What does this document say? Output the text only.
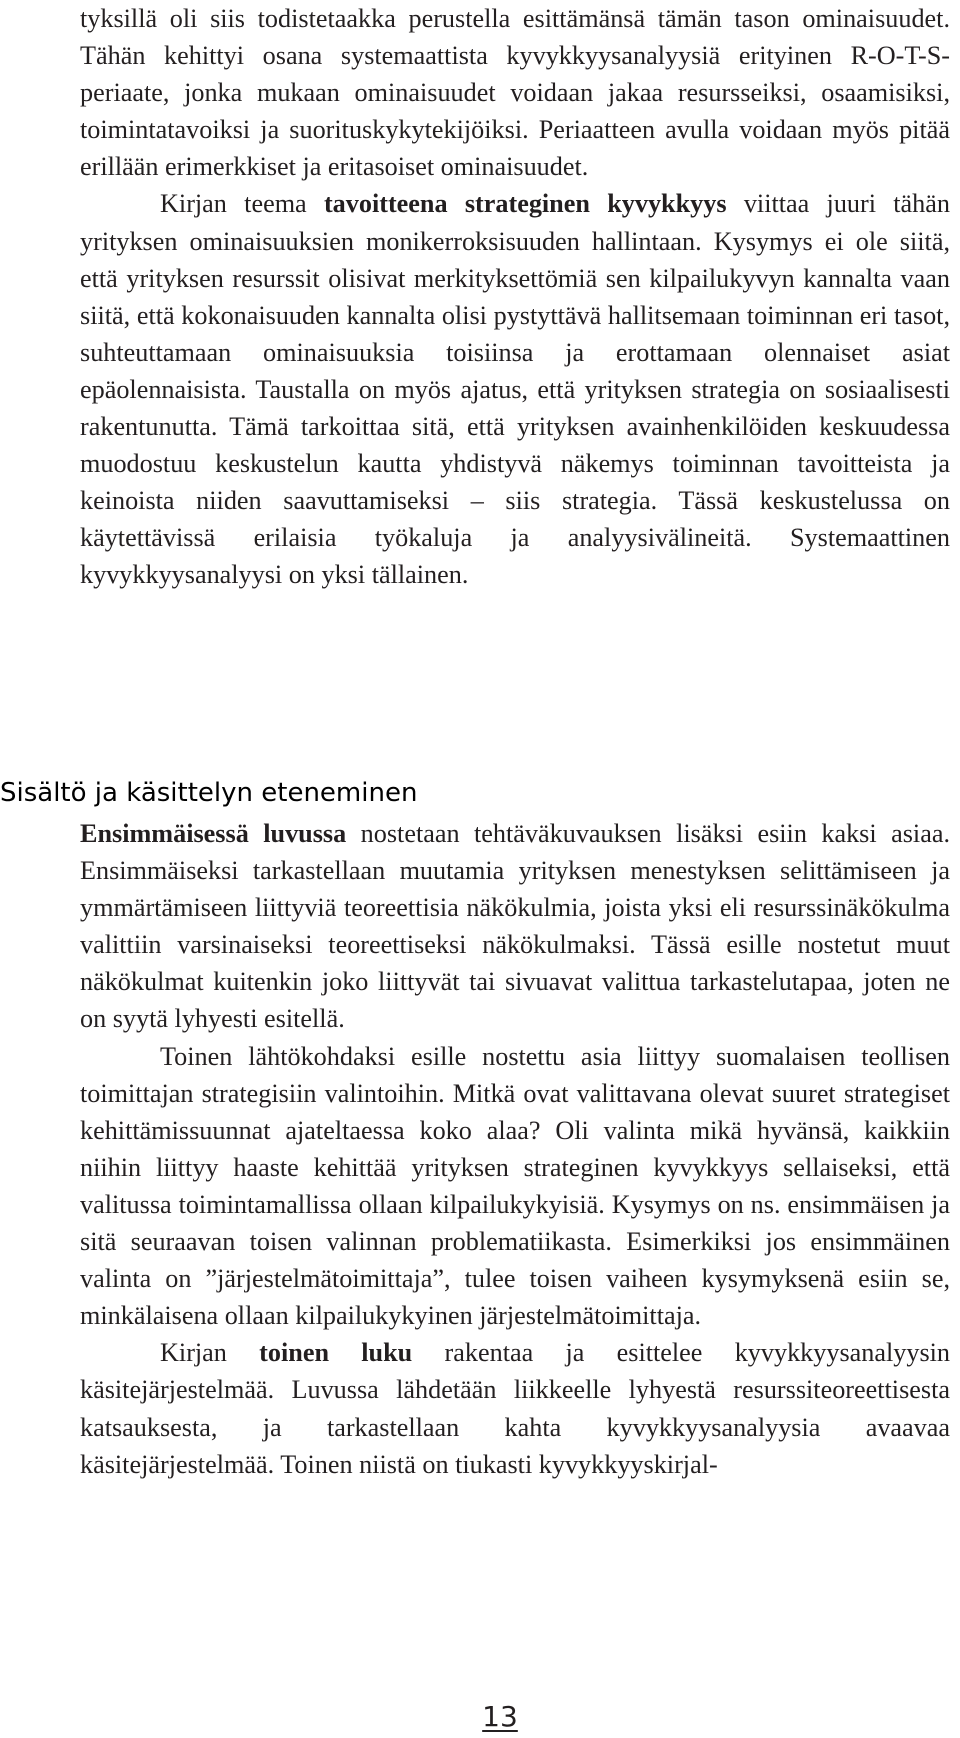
tyksillä oli siis todistetaakka perustella esittämänsä tämän tason ominaisuudet. Tähän kehittyi osana systemaattista kyvykkyysanalyysiä erityinen R-O-T-S-periaate, jonka mukaan ominaisuudet voidaan jakaa resursseiksi, osaamisiksi, toimintatavoiksi ja suorituskykytekijöiksi. Periaatteen avulla voidaan myös pitää erillään erimerkkiset ja eritasoiset ominaisuudet.

Kirjan teema tavoitteena strateginen kyvykkyys viittaa juuri tähän yrityksen ominaisuuksien monikerroksisuuden hallintaan. Kysymys ei ole siitä, että yrityksen resurssit olisivat merkityksettömiä sen kilpailukyvyn kannalta vaan siitä, että kokonaisuuden kannalta olisi pystyttävä hallitsemaan toiminnan eri tasot, suhteuttamaan ominaisuuksia toisiinsa ja erottamaan olennaiset asiat epäolennaisista. Taustalla on myös ajatus, että yrityksen strategia on sosiaalisesti rakentunutta. Tämä tarkoittaa sitä, että yrityksen avainhenkilöiden keskuudessa muodostuu keskustelun kautta yhdistyvä näkemys toiminnan tavoitteista ja keinoista niiden saavuttamiseksi – siis strategia. Tässä keskustelussa on käytettävissä erilaisia työkaluja ja analyysivälineitä. Systemaattinen kyvykkyysanalyysi on yksi tällainen.

Sisältö ja käsittelyn eteneminen

Ensimmäisessä luvussa nostetaan tehtäväkuvauksen lisäksi esiin kaksi asiaa. Ensimmäiseksi tarkastellaan muutamia yrityksen menestyksen selittämiseen ja ymmärtämiseen liittyviä teoreettisia näkökulmia, joista yksi eli resurssinäkökulma valittiin varsinaiseksi teoreettiseksi näkökulmaksi. Tässä esille nostetut muut näkökulmat kuitenkin joko liittyvät tai sivuavat valittua tarkastelutapaa, joten ne on syytä lyhyesti esitellä.

Toinen lähtökohdaksi esille nostettu asia liittyy suomalaisen teollisen toimittajan strategisiin valintoihin. Mitkä ovat valittavana olevat suuret strategiset kehittämissuunnat ajateltaessa koko alaa? Oli valinta mikä hyvänsä, kaikkiin niihin liittyy haaste kehittää yrityksen strateginen kyvykkyys sellaiseksi, että valitussa toimintamallissa ollaan kilpailukykyisiä. Kysymys on ns. ensimmäisen ja sitä seuraavan toisen valinnan problematiikasta. Esimerkiksi jos ensimmäinen valinta on ”järjestelmätoimittaja”, tulee toisen vaiheen kysymyksenä esiin se, minkälaisena ollaan kilpailukykyinen järjestelmätoimittaja.

Kirjan toinen luku rakentaa ja esittelee kyvykkyysanalyysin käsitejärjestelmää. Luvussa lähdetään liikkeelle lyhyestä resurssiteoreettisesta katsauksesta, ja tarkastellaan kahta kyvykkyysanalyysia avaavaa käsitejärjestelmää. Toinen niistä on tiukasti kyvykkyyskirjal-

13
